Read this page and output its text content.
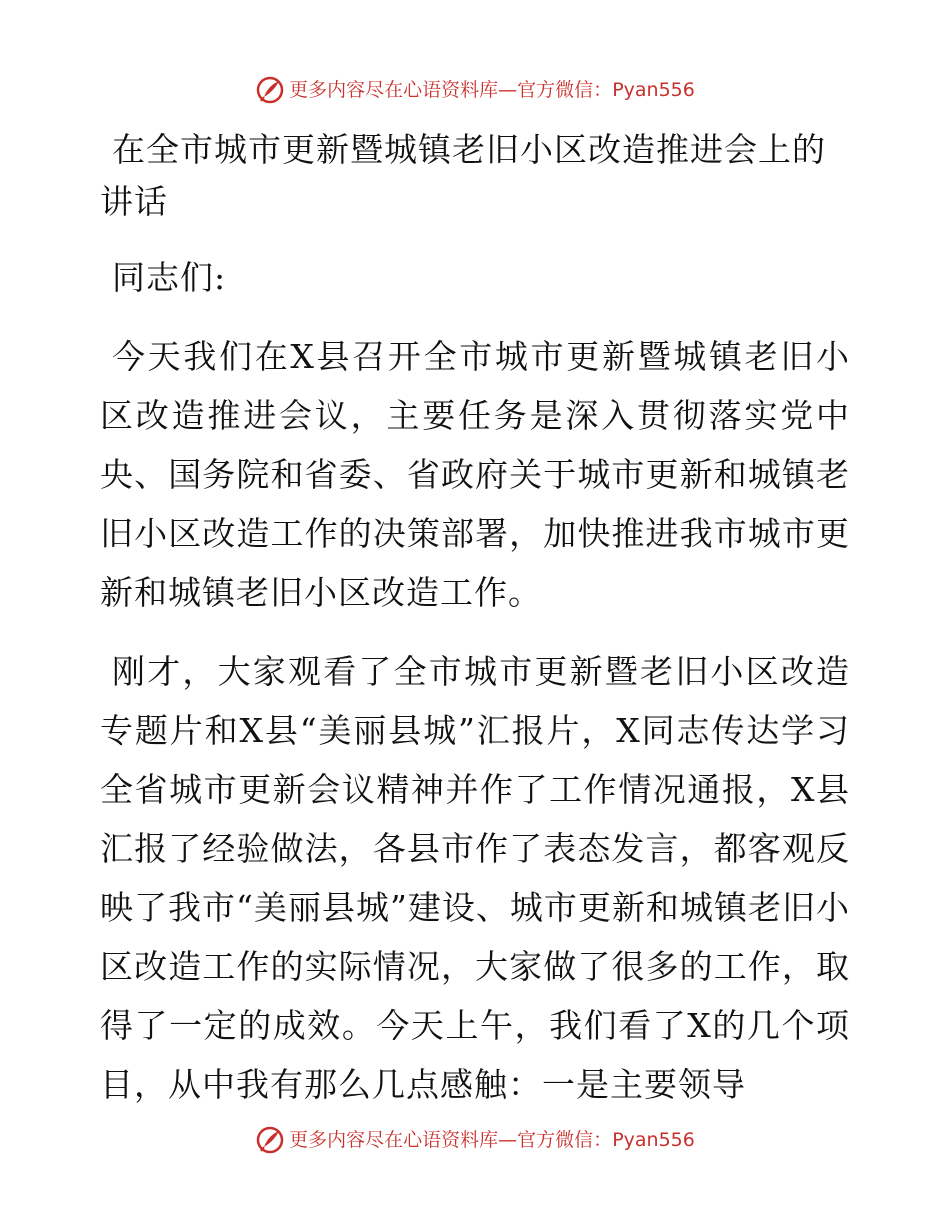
更多内容尽在心语资料库—官方微信：Pyan556
在全市城市更新暨城镇老旧小区改造推进会上的讲话

同志们:

今天我们在X县召开全市城市更新暨城镇老旧小区改造推进会议，主要任务是深入贯彻落实党中央、国务院和省委、省政府关于城市更新和城镇老旧小区改造工作的决策部署，加快推进我市城市更新和城镇老旧小区改造工作。

刚才，大家观看了全市城市更新暨老旧小区改造专题片和X县“美丽县城”汇报片，X同志传达学习全省城市更新会议精神并作了工作情况通报，X县汇报了经验做法，各县市作了表态发言，都客观反映了我市“美丽县城”建设、城市更新和城镇老旧小区改造工作的实际情况，大家做了很多的工作，取得了一定的成效。今天上午，我们看了X的几个项目，从中我有那么几点感触：一是主要领导

更多内容尽在心语资料库—官方微信：Pyan556
